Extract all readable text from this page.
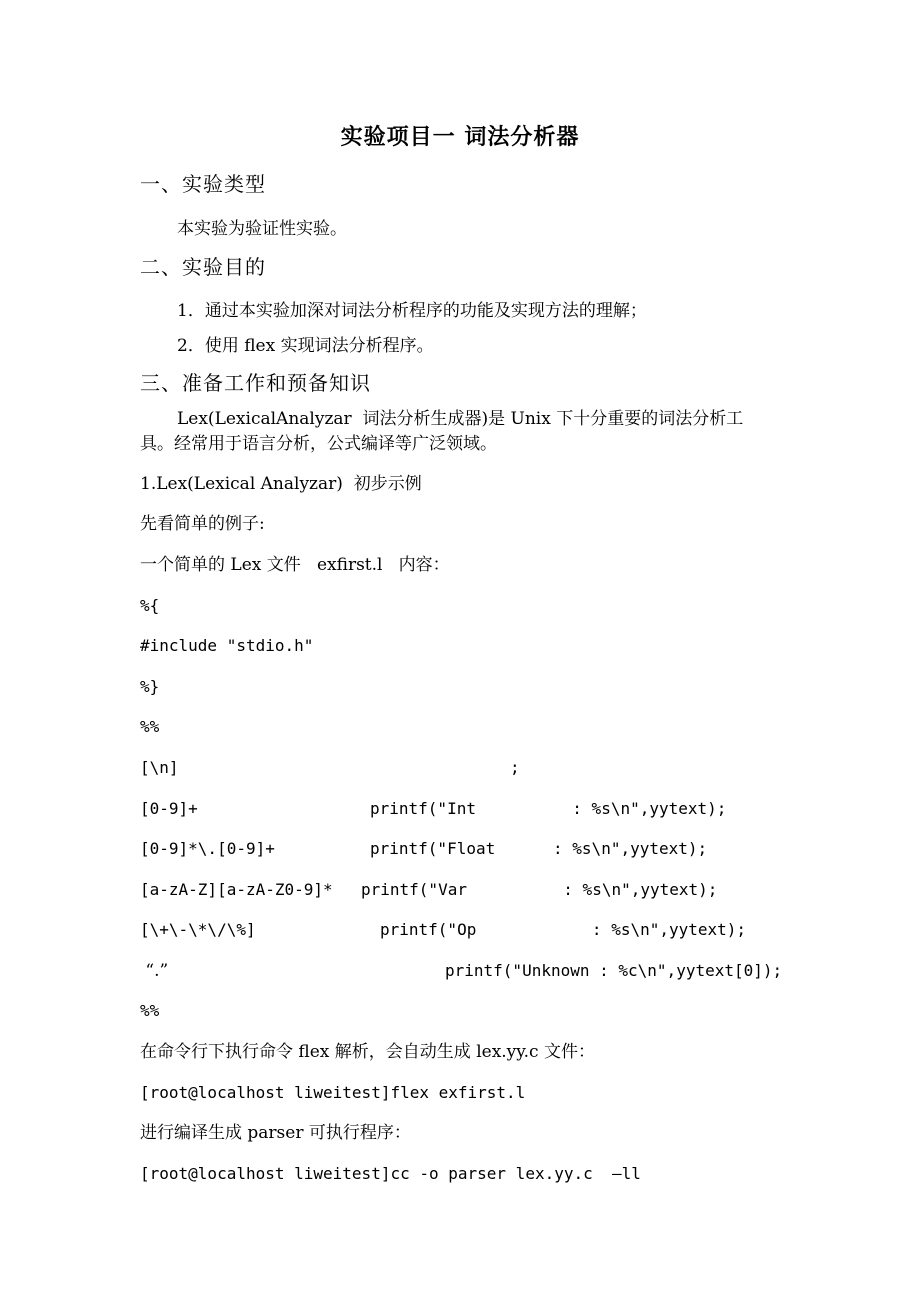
实验项目一 词法分析器
一、实验类型
本实验为验证性实验。
二、实验目的
1．通过本实验加深对词法分析程序的功能及实现方法的理解；
2．使用 flex 实现词法分析程序。
三、准备工作和预备知识
Lex(LexicalAnalyzar  词法分析生成器)是 Unix 下十分重要的词法分析工
具。经常用于语言分析，公式编译等广泛领域。
1.Lex(Lexical Analyzar)  初步示例
先看简单的例子:
一个简单的 Lex 文件   exfirst.l   内容：
%{
#include "stdio.h"
%}
%%
[\n]	;
[0-9]+	printf("Int          : %s\n",yytext);
[0-9]*\.[0-9]+	printf("Float      : %s\n",yytext);
[a-zA-Z][a-zA-Z0-9]* printf("Var          : %s\n",yytext);
[\+\-\*\/\%]	printf("Op            : %s\n",yytext);
“.”	printf("Unknown : %c\n",yytext[0]);
%%
在命令行下执行命令 flex 解析，会自动生成 lex.yy.c 文件：
[root@localhost liweitest]flex exfirst.l
进行编译生成 parser 可执行程序：
[root@localhost liweitest]cc -o parser lex.yy.c  –ll
